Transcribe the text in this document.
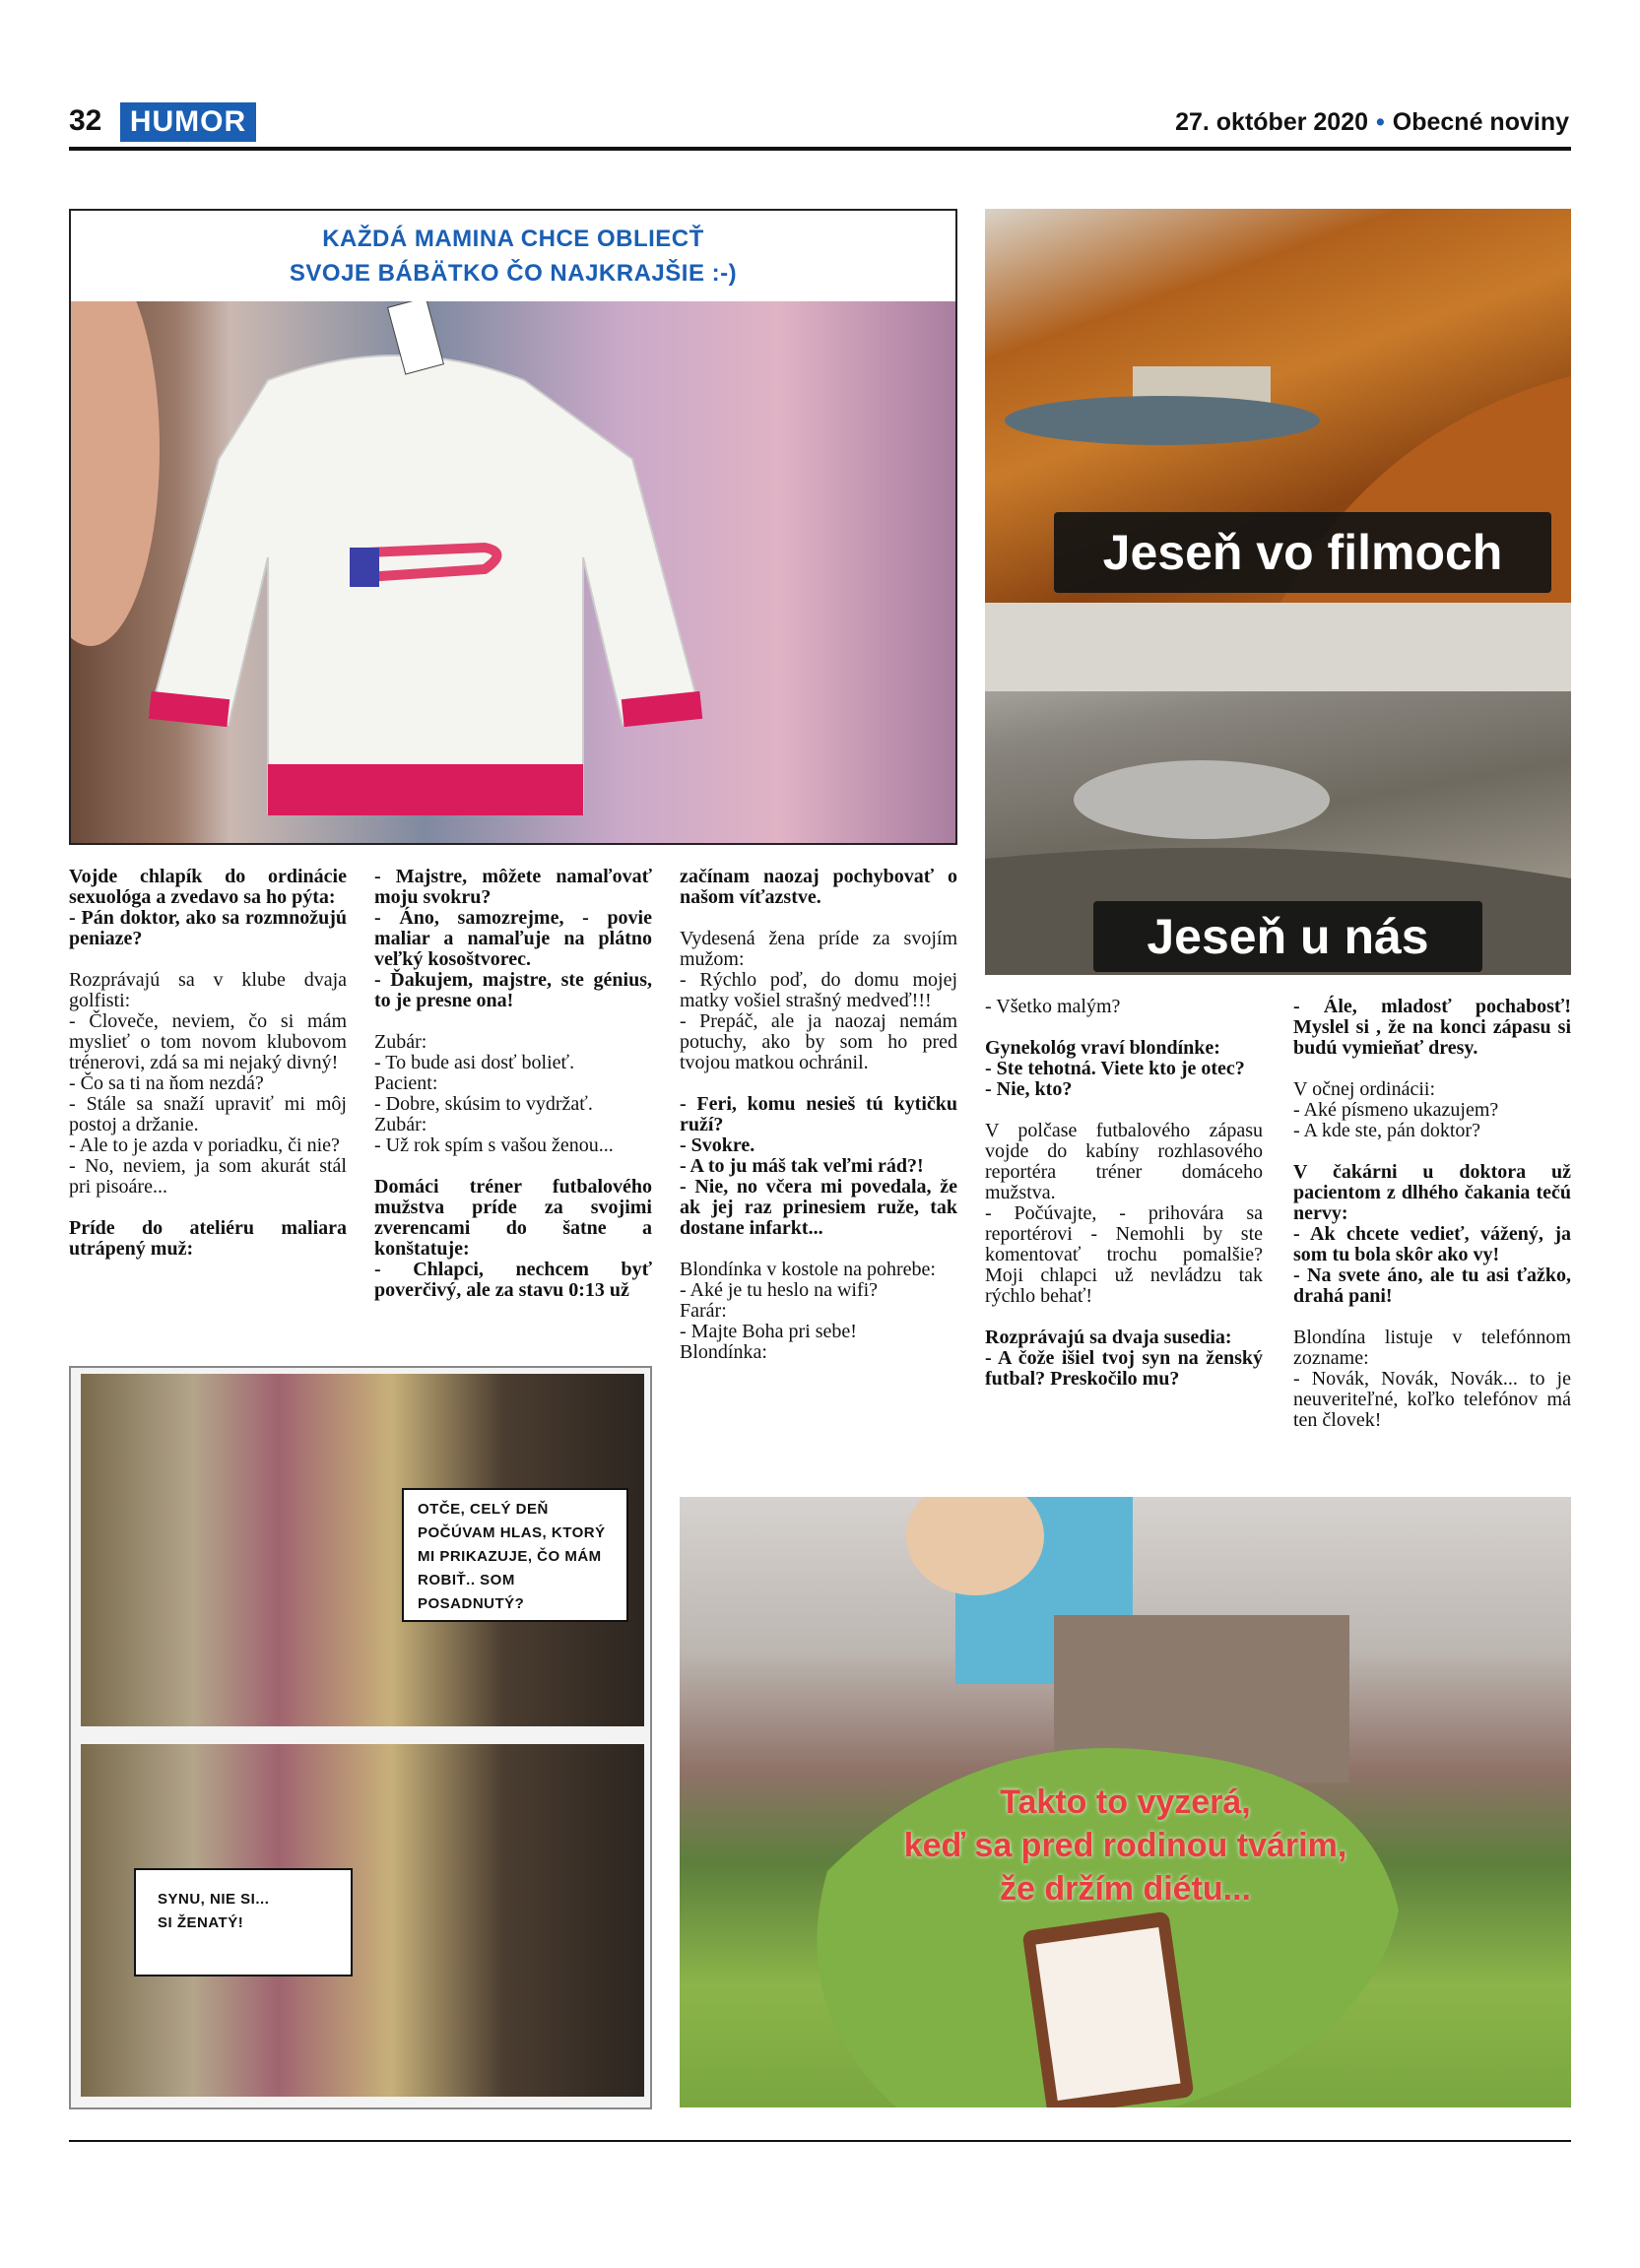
32 HUMOR	27. október 2020 • Obecné noviny
KAŽDÁ MAMINA CHCE OBLIECŤ
SVOJE BÁBÄTKO ČO NAJKRAJŠIE :-)
Jeseň vo filmoch
Jeseň u nás

Vojde chlapík do ordinácie sexuológa a zvedavo sa ho pýta:
- Pán doktor, ako sa rozmnožujú peniaze?

Rozprávajú sa v klube dvaja golfisti:
- Človeče, neviem, čo si mám myslieť o tom novom klubovom trénerovi, zdá sa mi nejaký divný!
- Čo sa ti na ňom nezdá?
- Stále sa snaží upraviť mi môj postoj a držanie.
- Ale to je azda v poriadku, či nie?
- No, neviem, ja som akurát stál pri pisoáre...

Príde do ateliéru maliara utrápený muž:

- Majstre, môžete namaľovať moju svokru?
- Áno, samozrejme, - povie maliar a namaľuje na plátno veľký kosoštvorec.
- Ďakujem, majstre, ste génius, to je presne ona!

Zubár:
- To bude asi dosť bolieť.
Pacient:
- Dobre, skúsim to vydržať.
Zubár:
- Už rok spím s vašou ženou...

Domáci tréner futbalového mužstva príde za svojimi zverencami do šatne a konštatuje:
- Chlapci, nechcem byť poverčivý, ale za stavu 0:13 už

začínam naozaj pochybovať o našom víťazstve.

Vydesená žena príde za svojím mužom:
- Rýchlo poď, do domu mojej matky vošiel strašný medveď!!!
- Prepáč, ale ja naozaj nemám potuchy, ako by som ho pred tvojou matkou ochránil.

- Feri, komu nesieš tú kytičku ruží?
- Svokre.
- A to ju máš tak veľmi rád?!
- Nie, no včera mi povedala, že ak jej raz prinesiem ruže, tak dostane infarkt...

Blondínka v kostole na pohrebe:
- Aké je tu heslo na wifi?
Farár:
- Majte Boha pri sebe!
Blondínka:

- Všetko malým?

Gynekológ vraví blondínke:
- Ste tehotná. Viete kto je otec?
- Nie, kto?

V polčase futbalového zápasu vojde do kabíny rozhlasového reportéra tréner domáceho mužstva.
- Počúvajte, - prihovára sa reportérovi - Nemohli by ste komentovať trochu pomalšie? Moji chlapci už nevládzu tak rýchlo behať!

Rozprávajú sa dvaja susedia:
- A čože išiel tvoj syn na ženský futbal? Preskočilo mu?

- Ále, mladosť pochabosť! Myslel si , že na konci zápasu si budú vymieňať dresy.

V očnej ordinácii:
- Aké písmeno ukazujem?
- A kde ste, pán doktor?

V čakárni u doktora už pacientom z dlhého čakania tečú nervy:
- Ak chcete vedieť, vážený, ja som tu bola skôr ako vy!
- Na svete áno, ale tu asi ťažko, drahá pani!

Blondína listuje v telefónnom zozname:
- Novák, Novák, Novák... to je neuveriteľné, koľko telefónov má ten človek!

OTČE, CELÝ DEŇ POČÚVAM HLAS, KTORÝ MI PRIKAZUJE, ČO MÁM ROBIŤ.. SOM POSADNUTÝ?
SYNU, NIE SI...
SI ŽENATÝ!
Takto to vyzerá,
keď sa pred rodinou tvárim,
že držím diétu...
